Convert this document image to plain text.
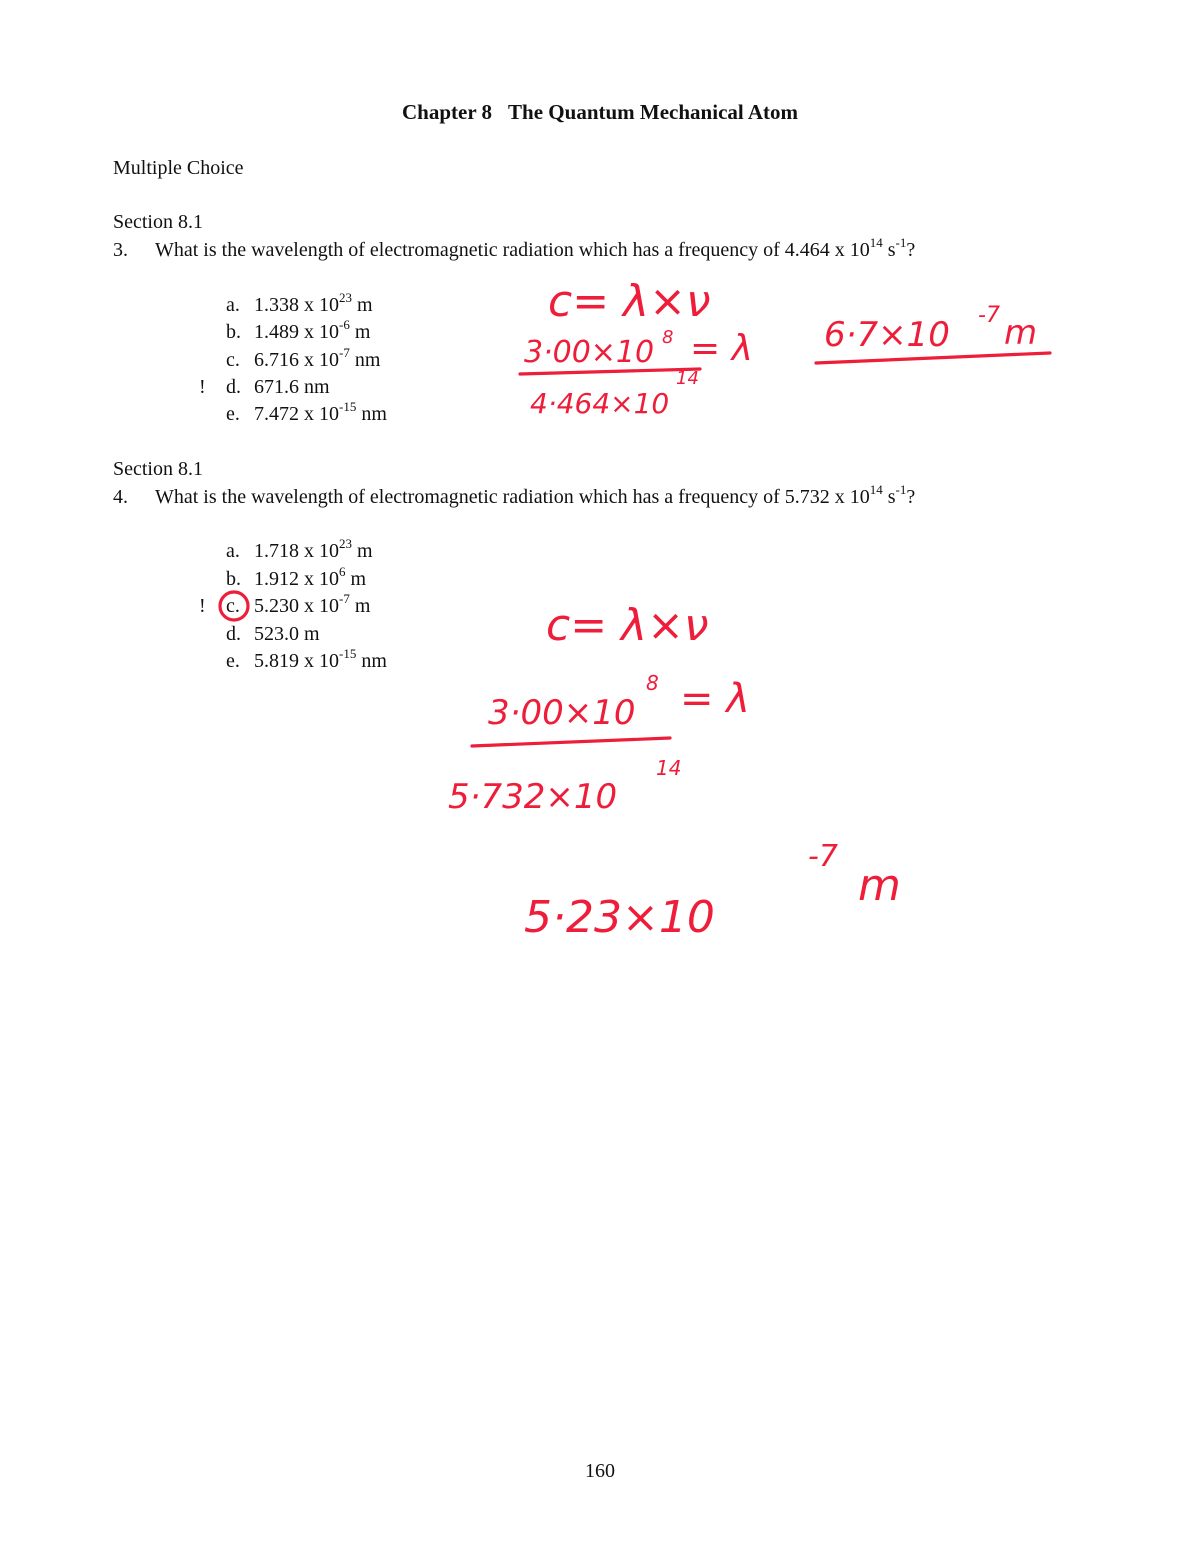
Chapter 8 The Quantum Mechanical Atom
Multiple Choice
Section 8.1
3. What is the wavelength of electromagnetic radiation which has a frequency of 4.464 x $10^{14}$ $s^{-1}$?
a. 1.338 x $10^{23}$ m
b. 1.489 x $10^{-6}$ m
c. 6.716 x $10^{-7}$ nm
! d. 671.6 nm
e. 7.472 x $10^{-15}$ nm
Section 8.1
4. What is the wavelength of electromagnetic radiation which has a frequency of 5.732 x $10^{14}$ $s^{-1}$?
a. 1.718 x $10^{23}$ m
b. 1.912 x $10^6$ m
! c. 5.230 x $10^{-7}$ m
d. 523.0 m
e. 5.819 x $10^{-15}$ nm
160
c= λ×ν
3·00×10 8 = λ
4·464×10
14
6·7×10 -7 m
c= λ×ν
3·00×10
8 = λ
5·732×10
14
5·23×10
-7
m
